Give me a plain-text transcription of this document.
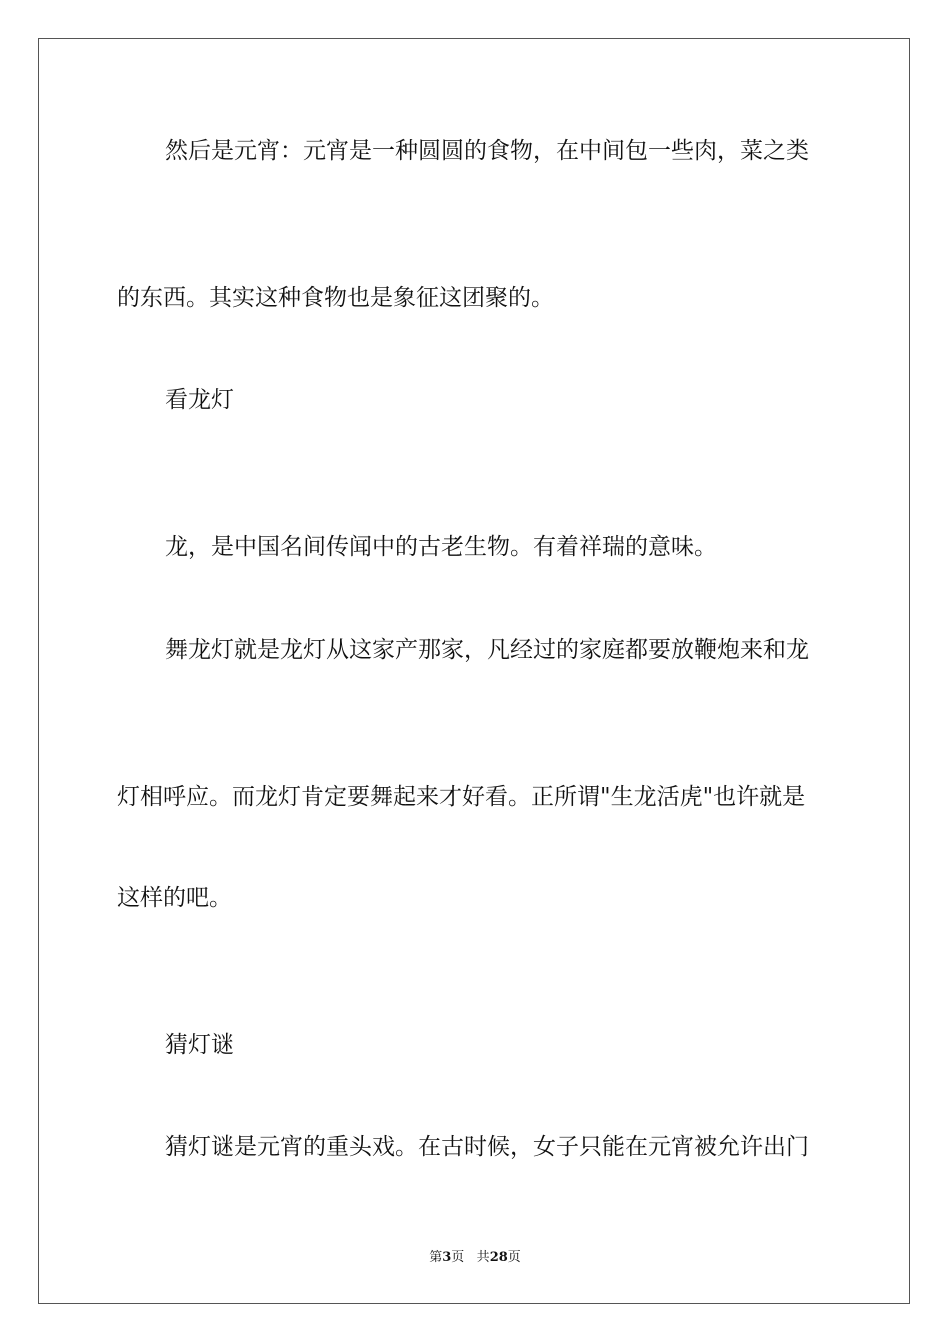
然后是元宵：元宵是一种圆圆的食物，在中间包一些肉，菜之类
的东西。其实这种食物也是象征这团聚的。
看龙灯
龙，是中国名间传闻中的古老生物。有着祥瑞的意味。
舞龙灯就是龙灯从这家产那家，凡经过的家庭都要放鞭炮来和龙
灯相呼应。而龙灯肯定要舞起来才好看。正所谓"生龙活虎"也许就是
这样的吧。
猜灯谜
猜灯谜是元宵的重头戏。在古时候，女子只能在元宵被允许出门
第3页 共28页
